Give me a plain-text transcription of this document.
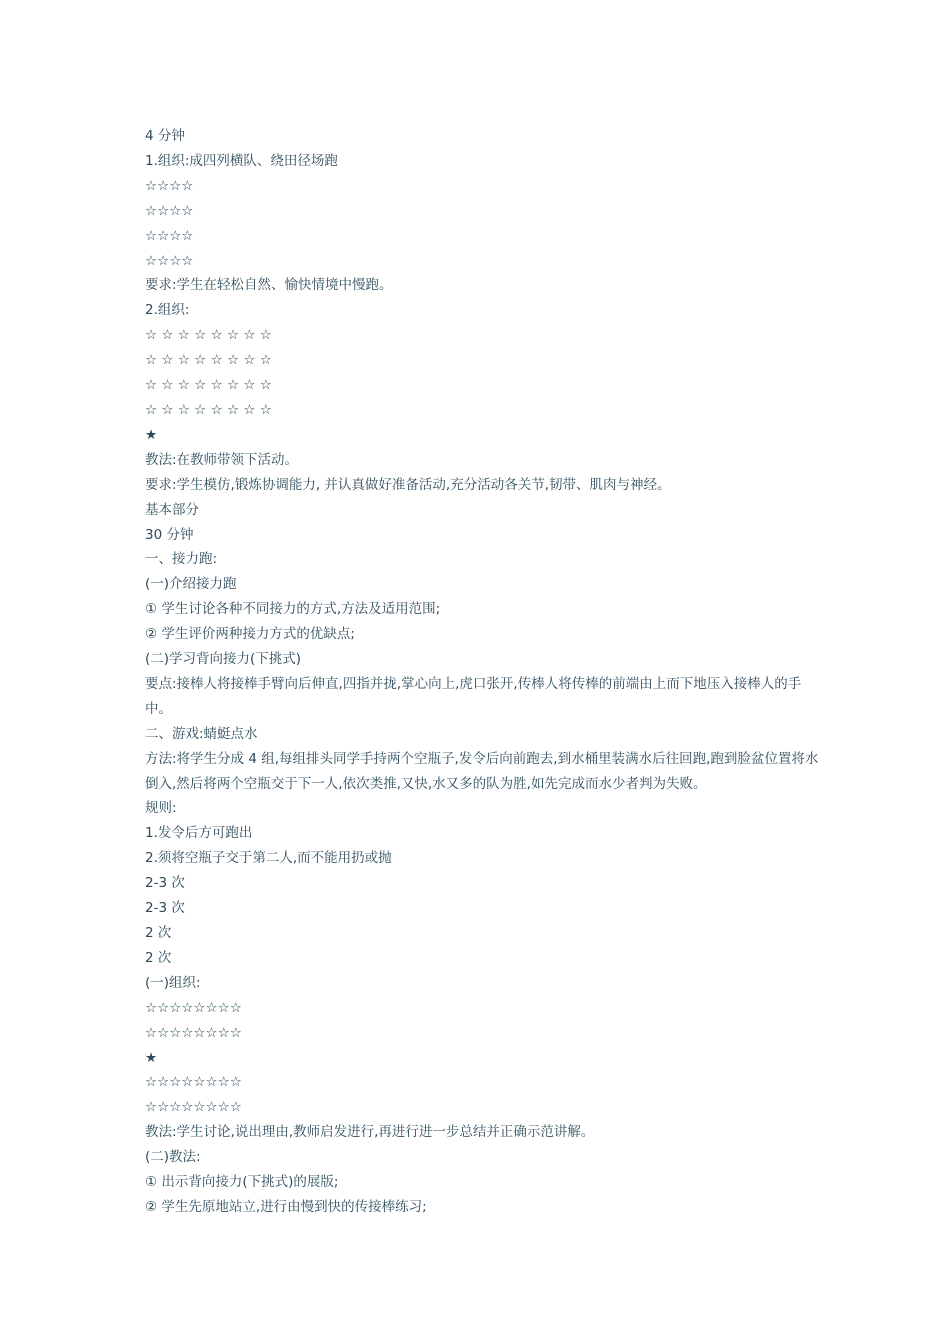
4 分钟
1.组织:成四列横队、绕田径场跑
☆☆☆☆
☆☆☆☆
☆☆☆☆
☆☆☆☆
要求:学生在轻松自然、愉快情境中慢跑。
2.组织:
☆ ☆ ☆ ☆ ☆ ☆ ☆ ☆
☆ ☆ ☆ ☆ ☆ ☆ ☆ ☆
☆ ☆ ☆ ☆ ☆ ☆ ☆ ☆
☆ ☆ ☆ ☆ ☆ ☆ ☆ ☆
★
教法:在教师带领下活动。
要求:学生模仿,锻炼协调能力, 并认真做好准备活动,充分活动各关节,韧带、肌肉与神经。
基本部分
30 分钟
一、接力跑:
(一)介绍接力跑
① 学生讨论各种不同接力的方式,方法及适用范围;
② 学生评价两种接力方式的优缺点;
(二)学习背向接力(下挑式)
要点:接棒人将接棒手臂向后伸直,四指并拢,掌心向上,虎口张开,传棒人将传棒的前端由上而下地压入接棒人的手中。
二、游戏:蜻蜓点水
方法:将学生分成 4 组,每组排头同学手持两个空瓶子,发令后向前跑去,到水桶里装满水后往回跑,跑到脸盆位置将水倒入,然后将两个空瓶交于下一人,依次类推,又快,水又多的队为胜,如先完成而水少者判为失败。
规则:
1.发令后方可跑出
2.须将空瓶子交于第二人,而不能用扔或抛
2-3 次
2-3 次
2 次
2 次
(一)组织:
☆☆☆☆☆☆☆☆
☆☆☆☆☆☆☆☆
★
☆☆☆☆☆☆☆☆
☆☆☆☆☆☆☆☆
教法:学生讨论,说出理由,教师启发进行,再进行进一步总结并正确示范讲解。
(二)教法:
① 出示背向接力(下挑式)的展版;
② 学生先原地站立,进行由慢到快的传接棒练习;
